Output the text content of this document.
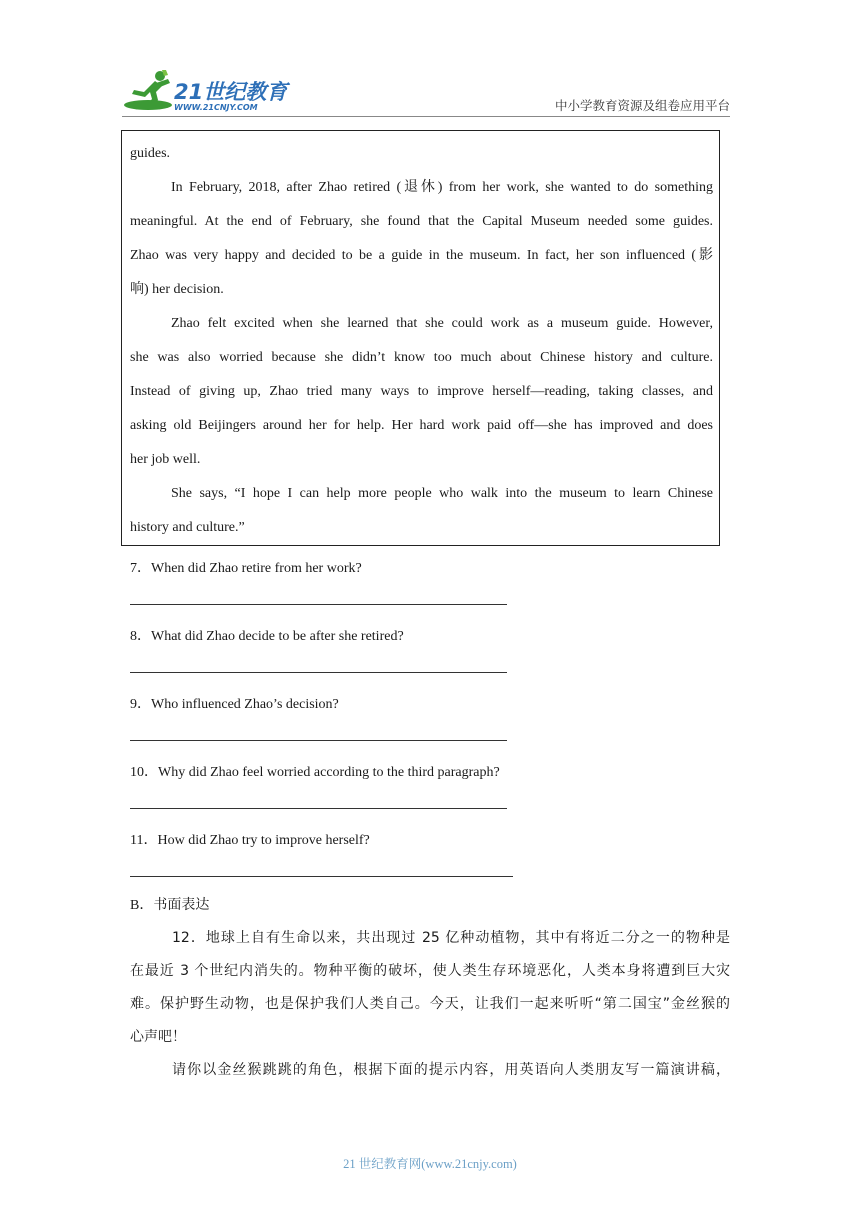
21世纪教育
WWW.21CNJY.COM	中小学教育资源及组卷应用平台
guides.
In February, 2018, after Zhao retired (退休) from her work, she wanted to do something
meaningful. At the end of February, she found that the Capital Museum needed some guides.
Zhao was very happy and decided to be a guide in the museum. In fact, her son influenced (影
响) her decision.
Zhao felt excited when she learned that she could work as a museum guide. However,
she was also worried because she didn’t know too much about Chinese history and culture.
Instead of giving up, Zhao tried many ways to improve herself—reading, taking classes, and
asking old Beijingers around her for help. Her hard work paid off—she has improved and does
her job well.
She says, “I hope I can help more people who walk into the museum to learn Chinese
history and culture.”
7．When did Zhao retire from her work?
8．What did Zhao decide to be after she retired?
9．Who influenced Zhao’s decision?
10．Why did Zhao feel worried according to the third paragraph?
11．How did Zhao try to improve herself?
B．书面表达
12．地球上自有生命以来，共出现过 25 亿种动植物，其中有将近二分之一的物种是
在最近 3 个世纪内消失的。物种平衡的破坏，使人类生存环境恶化，人类本身将遭到巨大灾
难。保护野生动物，也是保护我们人类自己。今天，让我们一起来听听“第二国宝”金丝猴的
心声吧！
请你以金丝猴跳跳的角色，根据下面的提示内容，用英语向人类朋友写一篇演讲稿，
21 世纪教育网(www.21cnjy.com)
